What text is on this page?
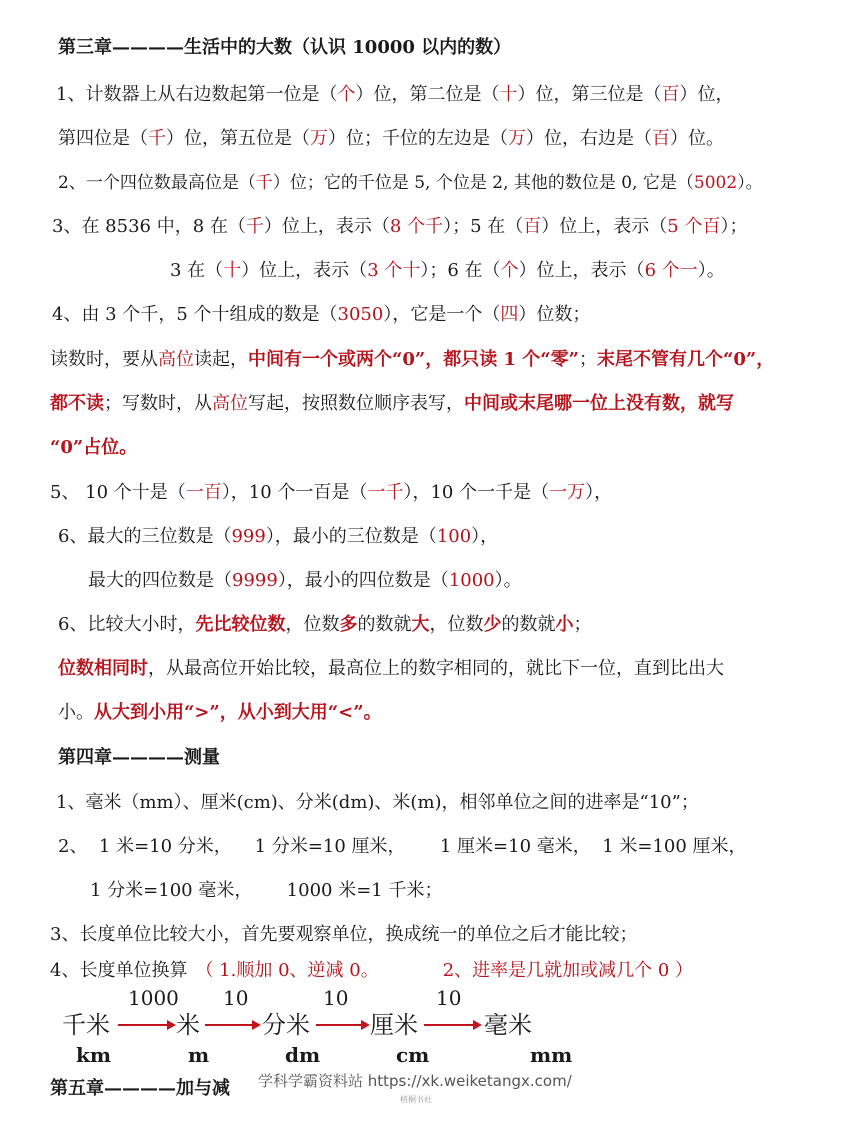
第三章————生活中的大数（认识 10000 以内的数）
1、计数器上从右边数起第一位是（个）位，第二位是（十）位，第三位是（百）位，
第四位是（千）位，第五位是（万）位；千位的左边是（万）位，右边是（百）位。
2、一个四位数最高位是（千）位；它的千位是 5, 个位是 2, 其他的数位是 0, 它是（5002）。
3、在 8536 中，8 在（千）位上，表示（8 个千）；5 在（百）位上，表示（5 个百）；
3 在（十）位上，表示（3 个十）；6 在（个）位上，表示（6 个一）。
4、由 3 个千，5 个十组成的数是（3050），它是一个（四）位数；
读数时，要从高位读起，中间有一个或两个“0”，都只读 1 个“零”；末尾不管有几个“0”，
都不读；写数时，从高位写起，按照数位顺序表写，中间或末尾哪一位上没有数，就写
“0”占位。
5、 10 个十是（一百），10 个一百是（一千），10 个一千是（一万），
6、最大的三位数是（999），最小的三位数是（100），
最大的四位数是（9999），最小的四位数是（1000）。
6、比较大小时，先比较位数，位数多的数就大，位数少的数就小；
位数相同时，从最高位开始比较，最高位上的数字相同的，就比下一位，直到比出大
小。从大到小用“>”，从小到大用“<”。
第四章————测量
1、毫米（mm）、厘米(cm)、分米(dm)、米(m)，相邻单位之间的进率是“10”；
2、  1 米=10 分米，    1 分米=10 厘米，      1 厘米=10 毫米，  1 米=100 厘米，
1 分米=100 毫米，      1000 米=1 千米；
3、长度单位比较大小，首先要观察单位，换成统一的单位之后才能比较；
4、长度单位换算 （ 1.顺加 0、逆减 0。	2、进率是几就加或减几个 0 ）
1000 10	10	10
千米	米	分米	厘米	毫米
km	m	dm	cm	mm
第五章————加与减 学科学霸资料站 https://xk.weiketangx.com/
格桐书社
